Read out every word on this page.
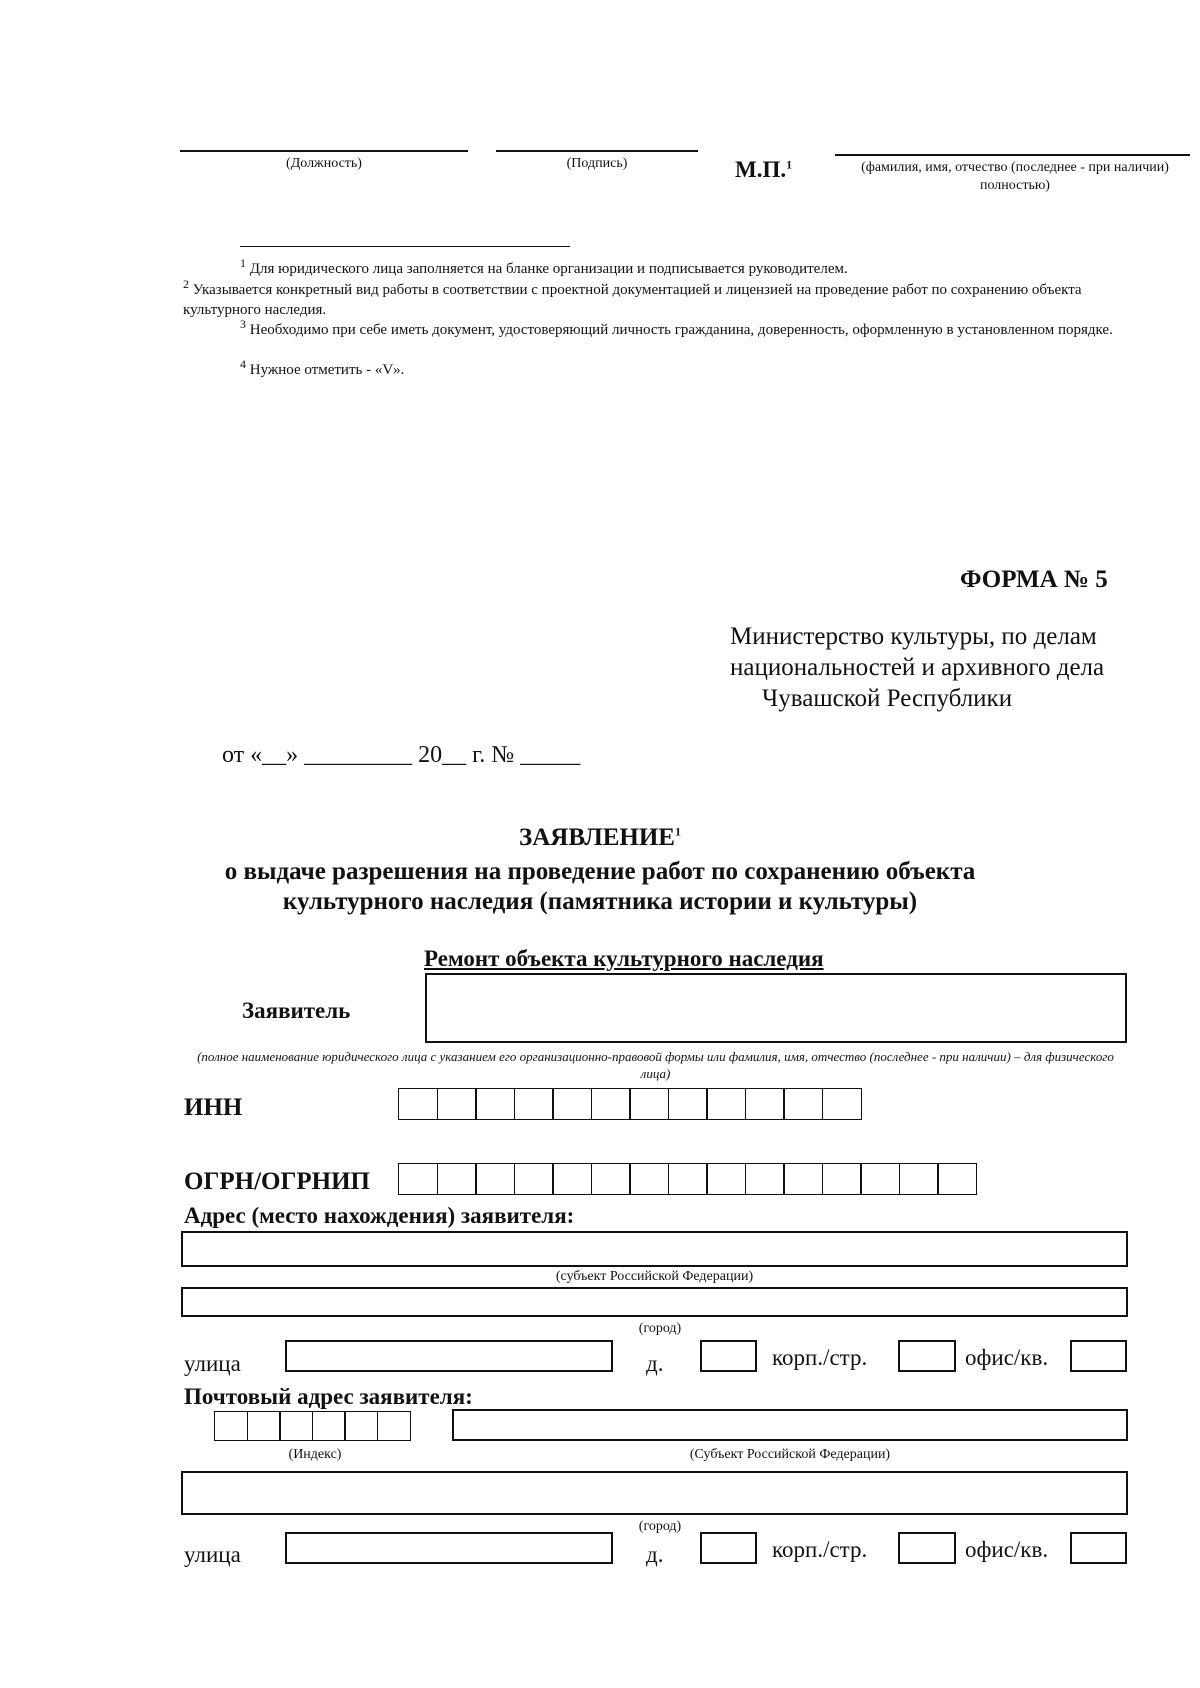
(Должность)	(Подпись)	М.П.$^1$	(фамилия, имя, отчество (последнее - при наличии) полностью)
$^1$ Для юридического лица заполняется на бланке организации и подписывается руководителем.
$^2$ Указывается конкретный вид работы в соответствии с проектной документацией и лицензией на проведение работ по сохранению объекта культурного наследия.
$^3$ Необходимо при себе иметь документ, удостоверяющий личность гражданина, доверенность, оформленную в установленном порядке.
$^4$ Нужное отметить - «V».
ФОРМА № 5
Министерство культуры, по делам
национальностей и архивного дела
Чувашской Республики
от «__» _________ 20__ г. № _____
ЗАЯВЛЕНИЕ$^1$
о выдаче разрешения на проведение работ по сохранению объекта
культурного наследия (памятника истории и культуры)
Ремонт объекта культурного наследия
Заявитель
(полное наименование юридического лица с указанием его организационно-правовой формы или фамилия, имя, отчество (последнее - при наличии) – для физического лица)
ИНН
ОГРН/ОГРНИП
Адрес (место нахождения) заявителя:
(субъект Российской Федерации)
(город)
улица	д.	корп./стр.	офис/кв.
Почтовый адрес заявителя:
(Индекс)	(Субъект Российской Федерации)
(город)
улица	д.	корп./стр.	офис/кв.
